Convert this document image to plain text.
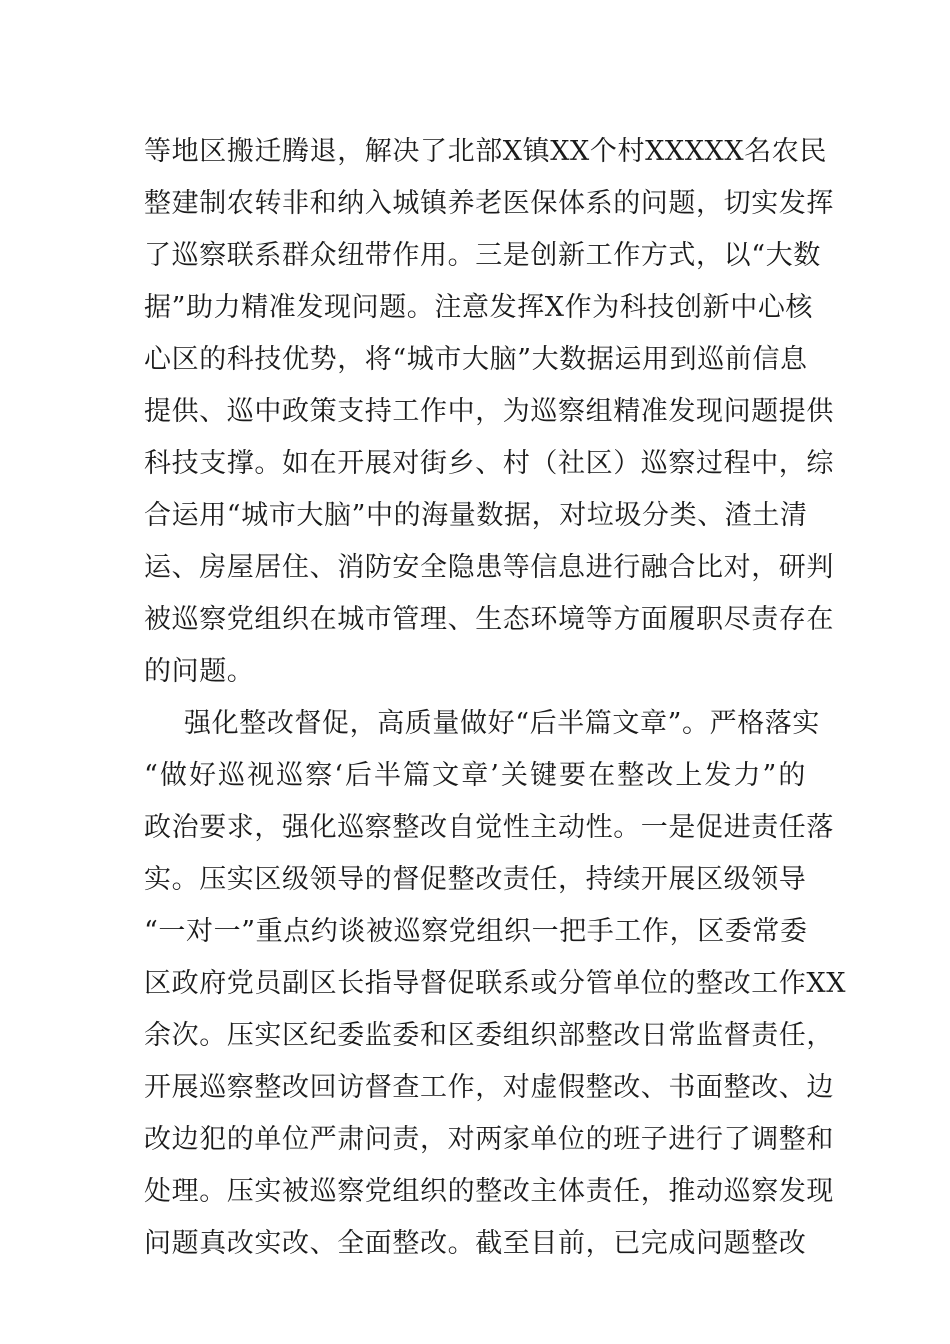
等地区搬迁腾退，解决了北部X镇XX个村XXXXX名农民
整建制农转非和纳入城镇养老医保体系的问题，切实发挥
了巡察联系群众纽带作用。三是创新工作方式，以“大数
据”助力精准发现问题。注意发挥X作为科技创新中心核
心区的科技优势，将“城市大脑”大数据运用到巡前信息
提供、巡中政策支持工作中，为巡察组精准发现问题提供
科技支撑。如在开展对街乡、村（社区）巡察过程中，综
合运用“城市大脑”中的海量数据，对垃圾分类、渣土清
运、房屋居住、消防安全隐患等信息进行融合比对，研判
被巡察党组织在城市管理、生态环境等方面履职尽责存在
的问题。
强化整改督促，高质量做好“后半篇文章”。严格落实
“做好巡视巡察‘后半篇文章’关键要在整改上发力”的
政治要求，强化巡察整改自觉性主动性。一是促进责任落
实。压实区级领导的督促整改责任，持续开展区级领导
“一对一”重点约谈被巡察党组织一把手工作，区委常委
区政府党员副区长指导督促联系或分管单位的整改工作XX
余次。压实区纪委监委和区委组织部整改日常监督责任，
开展巡察整改回访督查工作，对虚假整改、书面整改、边
改边犯的单位严肃问责，对两家单位的班子进行了调整和
处理。压实被巡察党组织的整改主体责任，推动巡察发现
问题真改实改、全面整改。截至目前，已完成问题整改
